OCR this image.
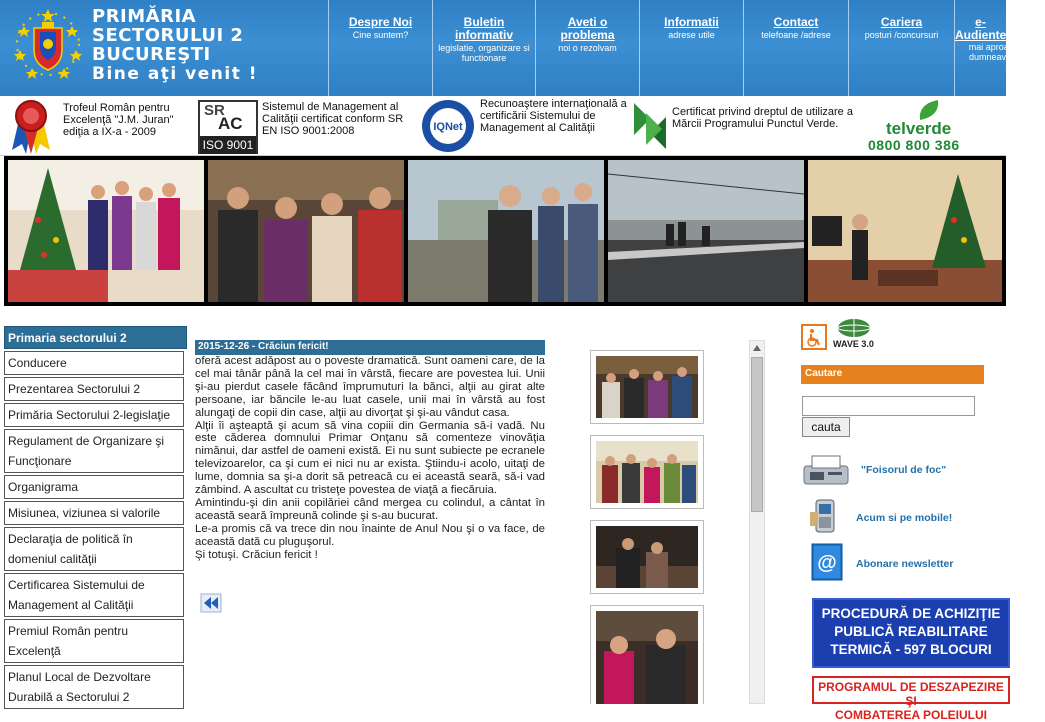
PRIMĂRIA
SECTORULUI 2
BUCUREŞTI
Bine aţi venit !
Despre Noi
Cine suntem?
Buletin informativ
legislatie, organizare si functionare
Aveti o problema
noi o rezolvam
Informatii
adrese utile
Contact
telefoane /adrese
Cariera
posturi /concursuri
e-Audiente
mai aproape de dumneavoastra
Trofeul Român pentru Excelenţă "J.M. Juran" ediţia a IX-a - 2009
SR
AC
ISO 9001
Sistemul de Management al Calităţii certificat conform SR EN ISO 9001:2008	IQNet
Recunoaştere internaţională a certificării Sistemului de Management al Calităţii
Certificat privind dreptul de utilizare a Mărcii Programului Punctul Verde.	telverde
0800 800 386
Primaria sectorului 2
Conducere
Prezentarea Sectorului 2
Primăria Sectorului 2-legislaţie
Regulament de Organizare şi Funcţionare
Organigrama
Misiunea, viziunea si valorile
Declaraţia de politică în domeniul calităţii
Certificarea Sistemului de Management al Calităţii
Premiul Român pentru Excelenţă
Planul Local de Dezvoltare Durabilă a Sectorului 2
2015-12-26 - Crăciun fericit!

oferă acest adăpost au o poveste dramatică. Sunt oameni care, de la cel mai tânăr până la cel mai în vârstă, fiecare are povestea lui. Unii şi-au pierdut casele făcând împrumuturi la bănci, alţii au girat alte persoane, iar băncile le-au luat casele, unii mai în vârstă au fost alungaţi de copii din case, alţii au divorţat şi şi-au vândut casa.

Alţii îi aşteaptă şi acum să vina copiii din Germania să-i vadă. Nu este căderea domnului Primar Onţanu să comenteze vinovăţia nimănui, dar astfel de oameni există. Ei nu sunt subiecte pe ecranele televizoarelor, ca şi cum ei nici nu ar exista. Ştiindu-i acolo, uitaţi de lume, domnia sa şi-a dorit să petreacă cu ei această seară, să-i vad zâmbind. A ascultat cu tristeţe povestea de viaţă a fiecăruia.

Amintindu-şi din anii copilăriei când mergea cu colindul, a cântat în această seară împreună colinde şi s-au bucurat.

Le-a promis că va trece din nou înainte de Anul Nou şi o va face, de această dată cu pluguşorul.

Şi totuşi. Crăciun fericit !

WAVE 3.0
Cautare
cauta
"Foisorul de foc"
Acum si pe mobile!
@ Abonare newsletter
PROCEDURĂ DE ACHIZIŢIE
PUBLICĂ REABILITARE
TERMICĂ - 597 BLOCURI
PROGRAMUL DE DESZAPEZIRE ŞI
COMBATEREA POLEIULUI
